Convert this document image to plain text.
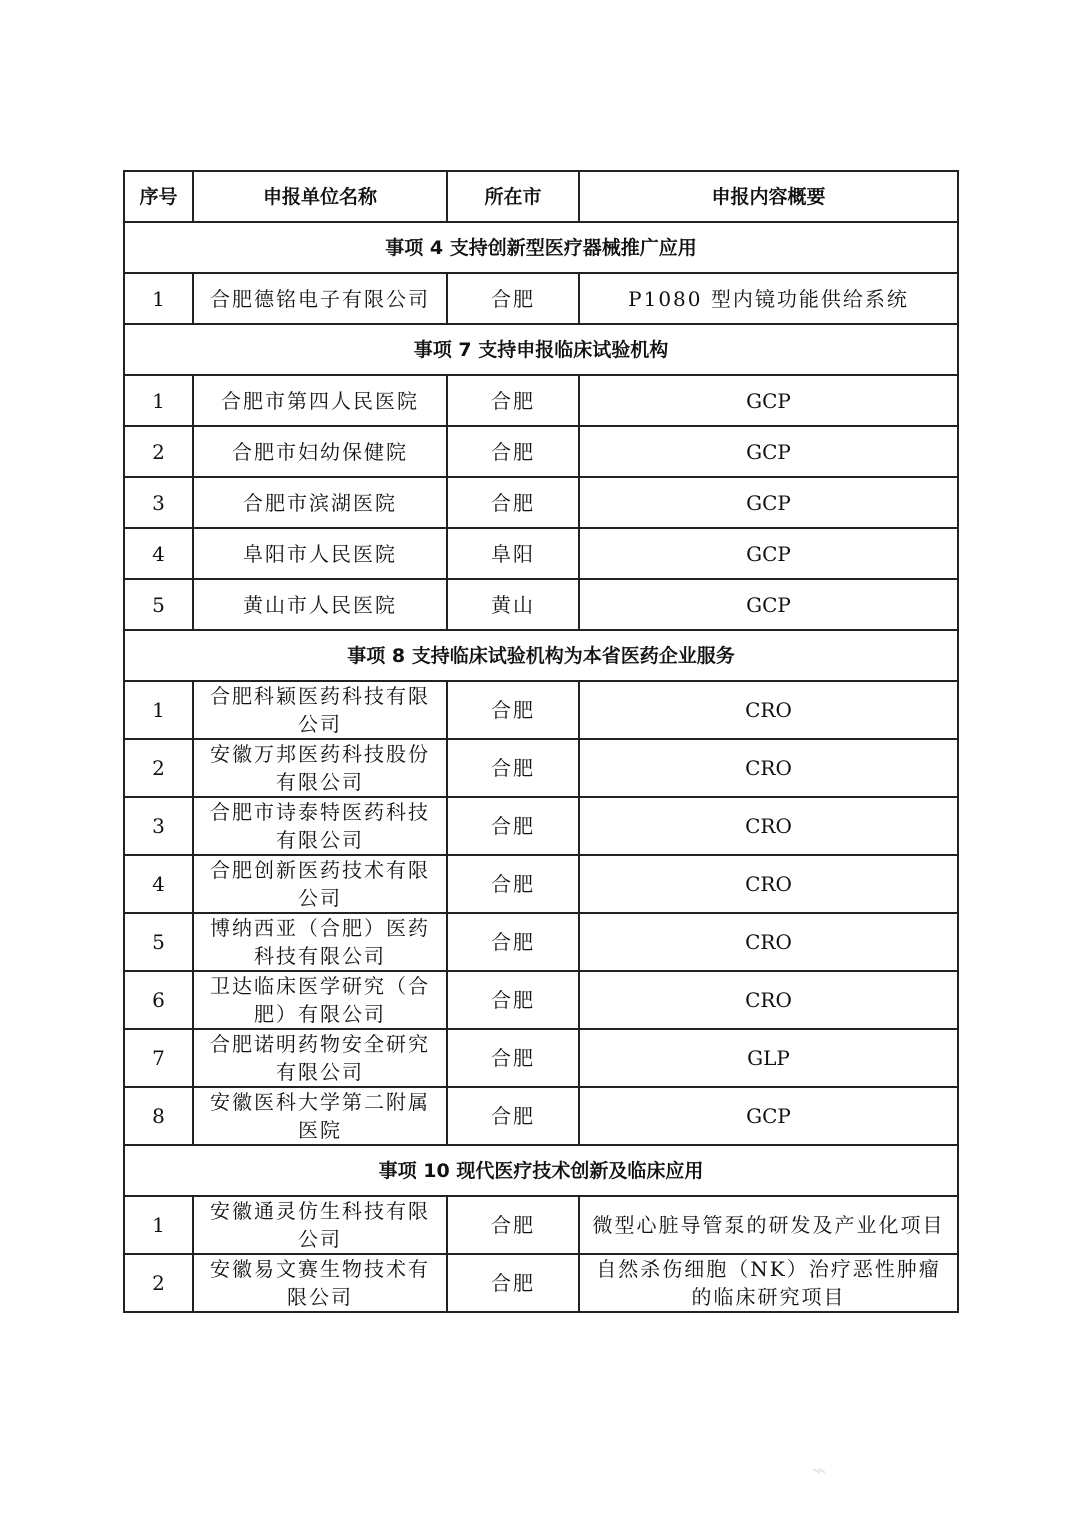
序号	申报单位名称	所在市	申报内容概要
事项 4 支持创新型医疗器械推广应用			
1	合肥德铭电子有限公司	合肥	P1080 型内镜功能供给系统
事项 7 支持申报临床试验机构			
1	合肥市第四人民医院	合肥	GCP
2	合肥市妇幼保健院	合肥	GCP
3	合肥市滨湖医院	合肥	GCP
4	阜阳市人民医院	阜阳	GCP
5	黄山市人民医院	黄山	GCP
事项 8 支持临床试验机构为本省医药企业服务			
1	合肥科颖医药科技有限公司	合肥	CRO
2	安徽万邦医药科技股份有限公司	合肥	CRO
3	合肥市诗泰特医药科技有限公司	合肥	CRO
4	合肥创新医药技术有限公司	合肥	CRO
5	博纳西亚（合肥）医药科技有限公司	合肥	CRO
6	卫达临床医学研究（合肥）有限公司	合肥	CRO
7	合肥诺明药物安全研究有限公司	合肥	GLP
8	安徽医科大学第二附属医院	合肥	GCP
事项 10 现代医疗技术创新及临床应用			
1	安徽通灵仿生科技有限公司	合肥	微型心脏导管泵的研发及产业化项目
2	安徽易文赛生物技术有限公司	合肥	自然杀伤细胞（NK）治疗恶性肿瘤的临床研究项目
⌁
